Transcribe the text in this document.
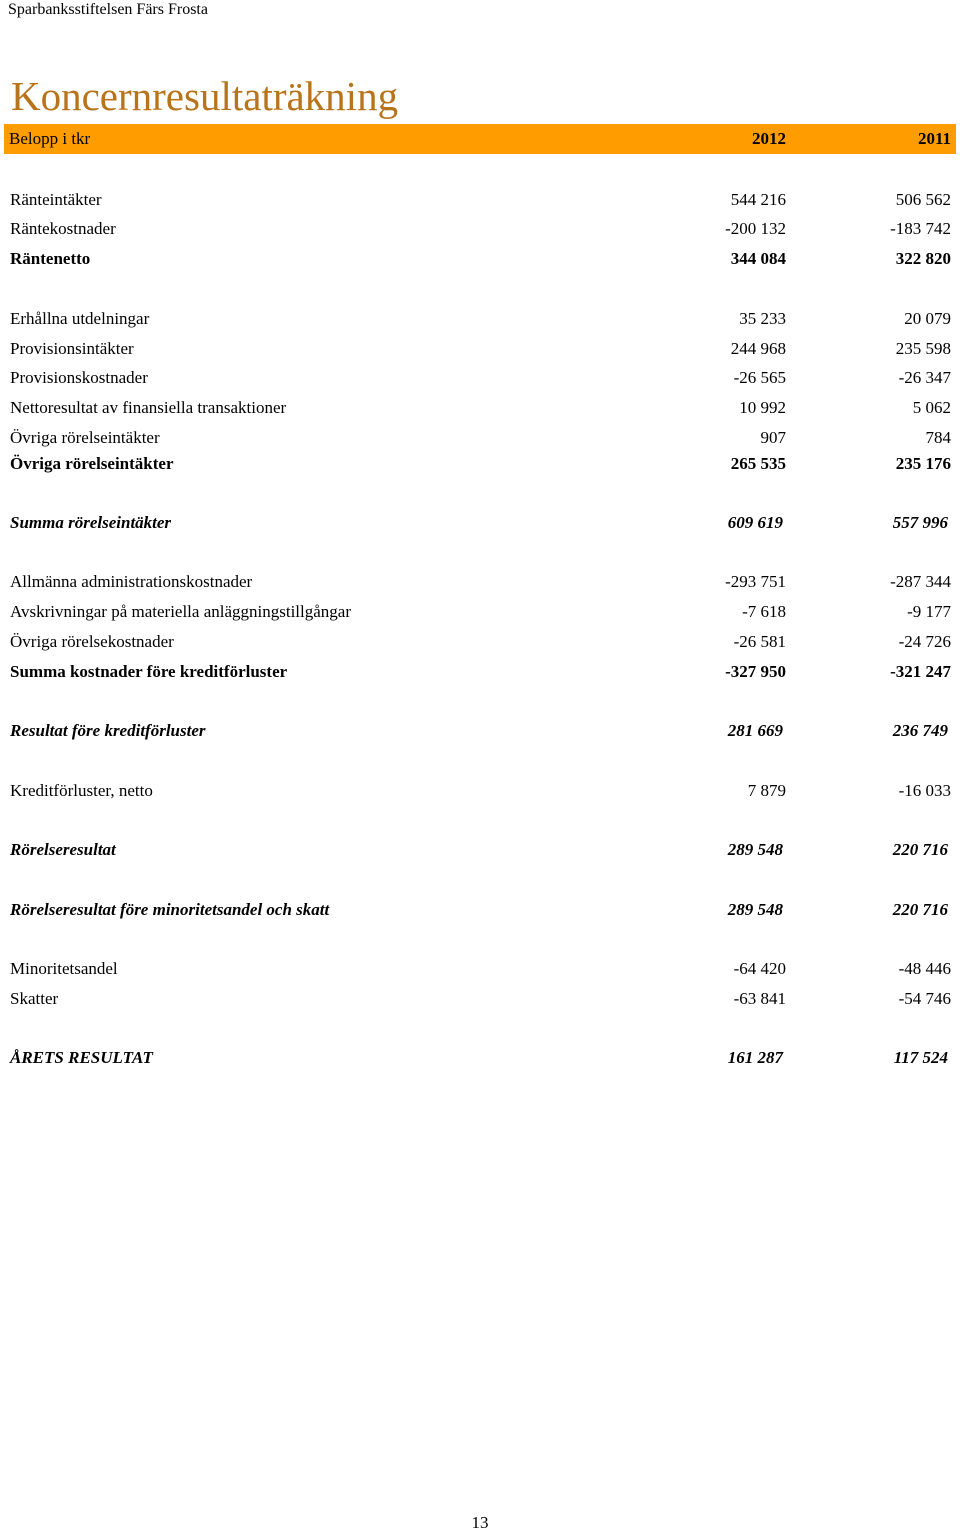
Sparbanksstiftelsen Färs Frosta
Koncernresultaträkning
Belopp i tkr	2012	2011
Ränteintäkter	544 216	506 562
Räntekostnader	-200 132	-183 742
Räntenetto	344 084	322 820
Erhållna utdelningar	35 233	20 079
Provisionsintäkter	244 968	235 598
Provisionskostnader	-26 565	-26 347
Nettoresultat av finansiella transaktioner	10 992	5 062
Övriga rörelseintäkter	907	784
Övriga rörelseintäkter	265 535	235 176
Summa rörelseintäkter	609 619	557 996
Allmänna administrationskostnader	-293 751	-287 344
Avskrivningar på materiella anläggningstillgångar	-7 618	-9 177
Övriga rörelsekostnader	-26 581	-24 726
Summa kostnader före kreditförluster	-327 950	-321 247
Resultat före kreditförluster	281 669	236 749
Kreditförluster, netto	7 879	-16 033
Rörelseresultat	289 548	220 716
Rörelseresultat före minoritetsandel och skatt	289 548	220 716
Minoritetsandel	-64 420	-48 446
Skatter	-63 841	-54 746
ÅRETS RESULTAT	161 287	117 524
13
